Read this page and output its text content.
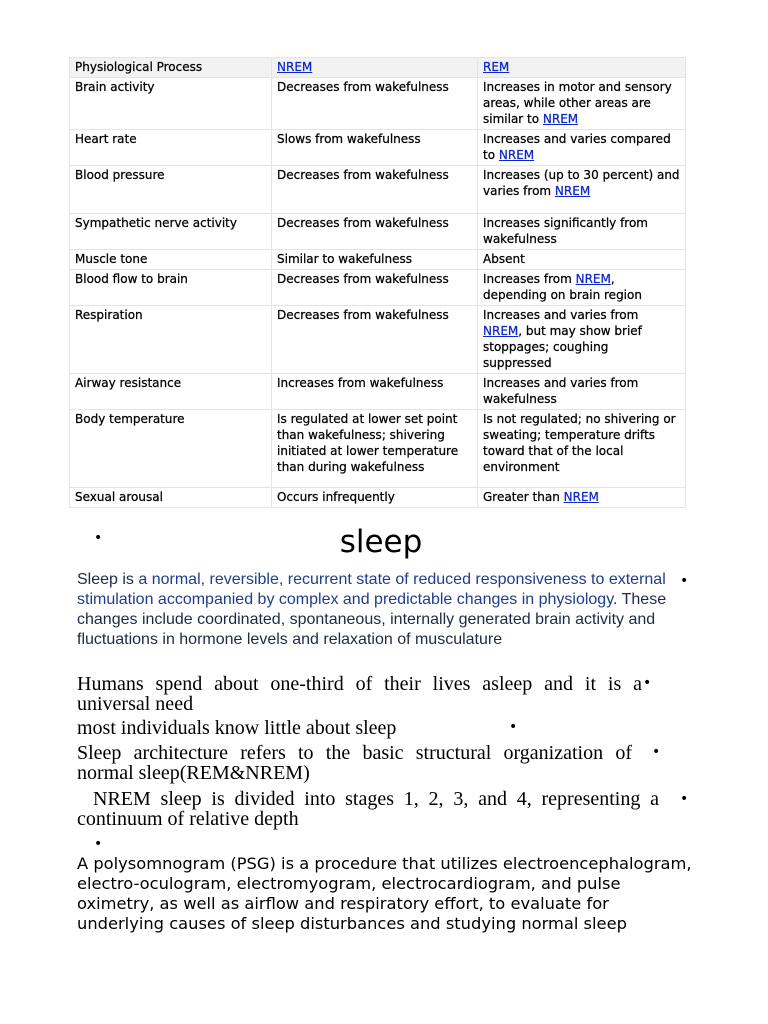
Physiological Process	NREM	REM
Brain activity	Decreases from wakefulness	Increases in motor and sensory areas, while other areas are similar to NREM
Heart rate	Slows from wakefulness	Increases and varies compared to NREM
Blood pressure	Decreases from wakefulness	Increases (up to 30 percent) and varies from NREM
Sympathetic nerve activity	Decreases from wakefulness	Increases significantly from wakefulness
Muscle tone	Similar to wakefulness	Absent
Blood flow to brain	Decreases from wakefulness	Increases from NREM, depending on brain region
Respiration	Decreases from wakefulness	Increases and varies from NREM, but may show brief stoppages; coughing suppressed
Airway resistance	Increases from wakefulness	Increases and varies from wakefulness
Body temperature	Is regulated at lower set point than wakefulness; shivering initiated at lower temperature than during wakefulness	Is not regulated; no shivering or sweating; temperature drifts toward that of the local environment
Sexual arousal	Occurs infrequently	Greater than NREM
•	sleep
•
Sleep is a normal, reversible, recurrent state of reduced responsiveness to external stimulation accompanied by complex and predictable changes in physiology. These changes include coordinated, spontaneous, internally generated brain activity and fluctuations in hormone levels and relaxation of musculature
•
Humans spend about one-third of their lives asleep and it is a universal need
•
most individuals know little about sleep
•
Sleep architecture refers to the basic structural organization of normal sleep(REM&NREM)
•
NREM sleep is divided into stages 1, 2, 3, and 4, representing a continuum of relative depth
•
A polysomnogram (PSG) is a procedure that utilizes electroencephalogram, electro-oculogram, electromyogram, electrocardiogram, and pulse oximetry, as well as airflow and respiratory effort, to evaluate for underlying causes of sleep disturbances and studying normal sleep
